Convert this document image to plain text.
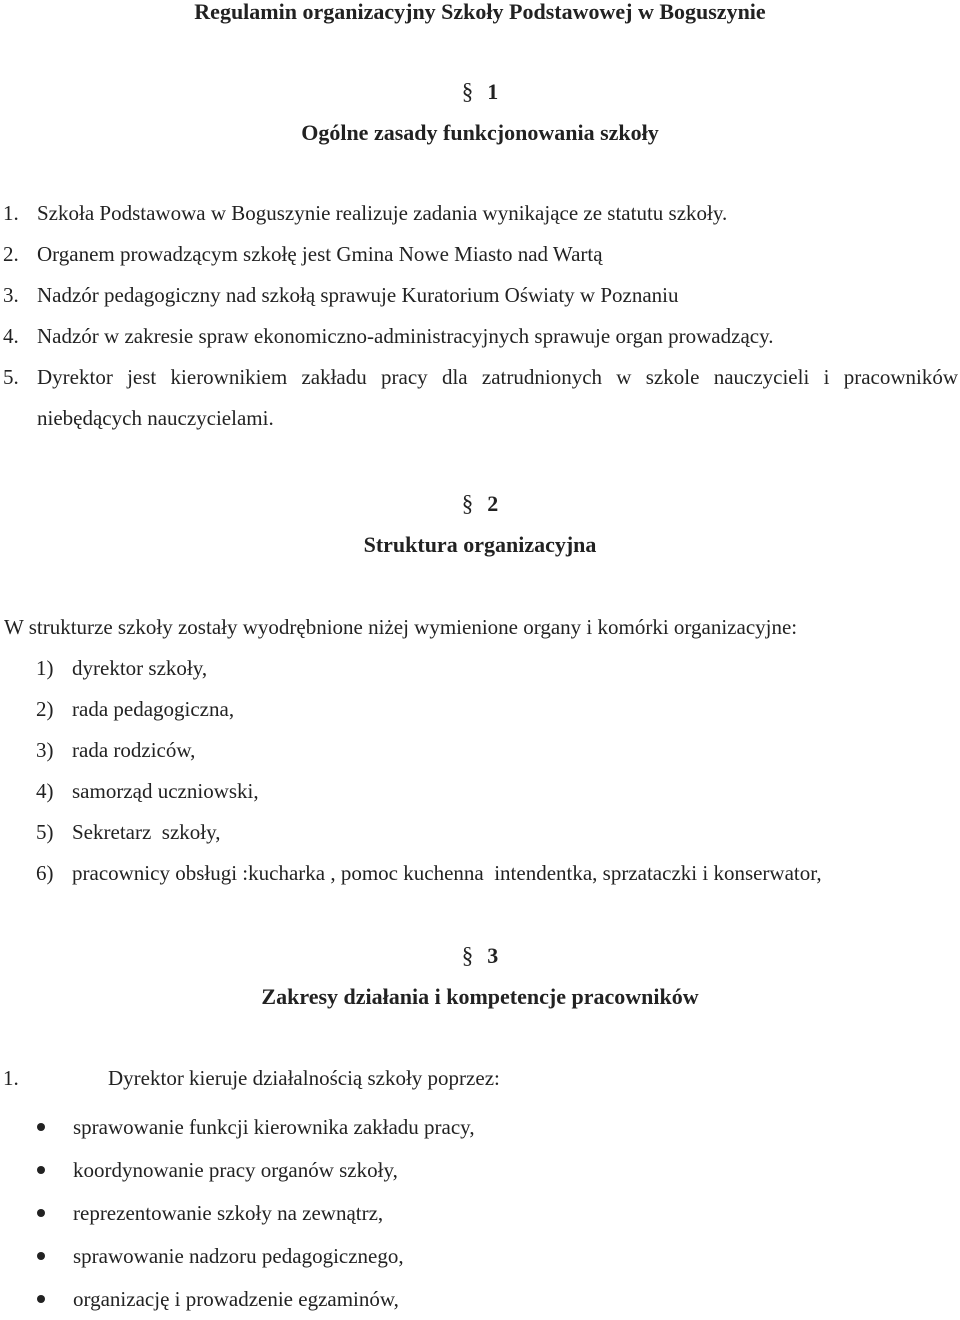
Regulamin organizacyjny Szkoły Podstawowej w Boguszynie
§ 1
Ogólne zasady funkcjonowania szkoły
1. Szkoła Podstawowa w Boguszynie realizuje zadania wynikające ze statutu szkoły.
2. Organem prowadzącym szkołę jest Gmina Nowe Miasto nad Wartą
3. Nadzór pedagogiczny nad szkołą sprawuje Kuratorium Oświaty w Poznaniu
4. Nadzór w zakresie spraw ekonomiczno-administracyjnych sprawuje organ prowadzący.
5. Dyrektor jest kierownikiem zakładu pracy dla zatrudnionych w szkole nauczycieli i pracowników niebędących nauczycielami.
§ 2
Struktura organizacyjna
W strukturze szkoły zostały wyodrębnione niżej wymienione organy i komórki organizacyjne:
1) dyrektor szkoły,
2) rada pedagogiczna,
3) rada rodziców,
4) samorząd uczniowski,
5) Sekretarz  szkoły,
6) pracownicy obsługi :kucharka , pomoc kuchenna  intendentka, sprzataczki i konserwator,
§ 3
Zakresy działania i kompetencje pracowników
1.	Dyrektor kieruje działalnością szkoły poprzez:
sprawowanie funkcji kierownika zakładu pracy,
koordynowanie pracy organów szkoły,
reprezentowanie szkoły na zewnątrz,
sprawowanie nadzoru pedagogicznego,
organizację i prowadzenie egzaminów,
